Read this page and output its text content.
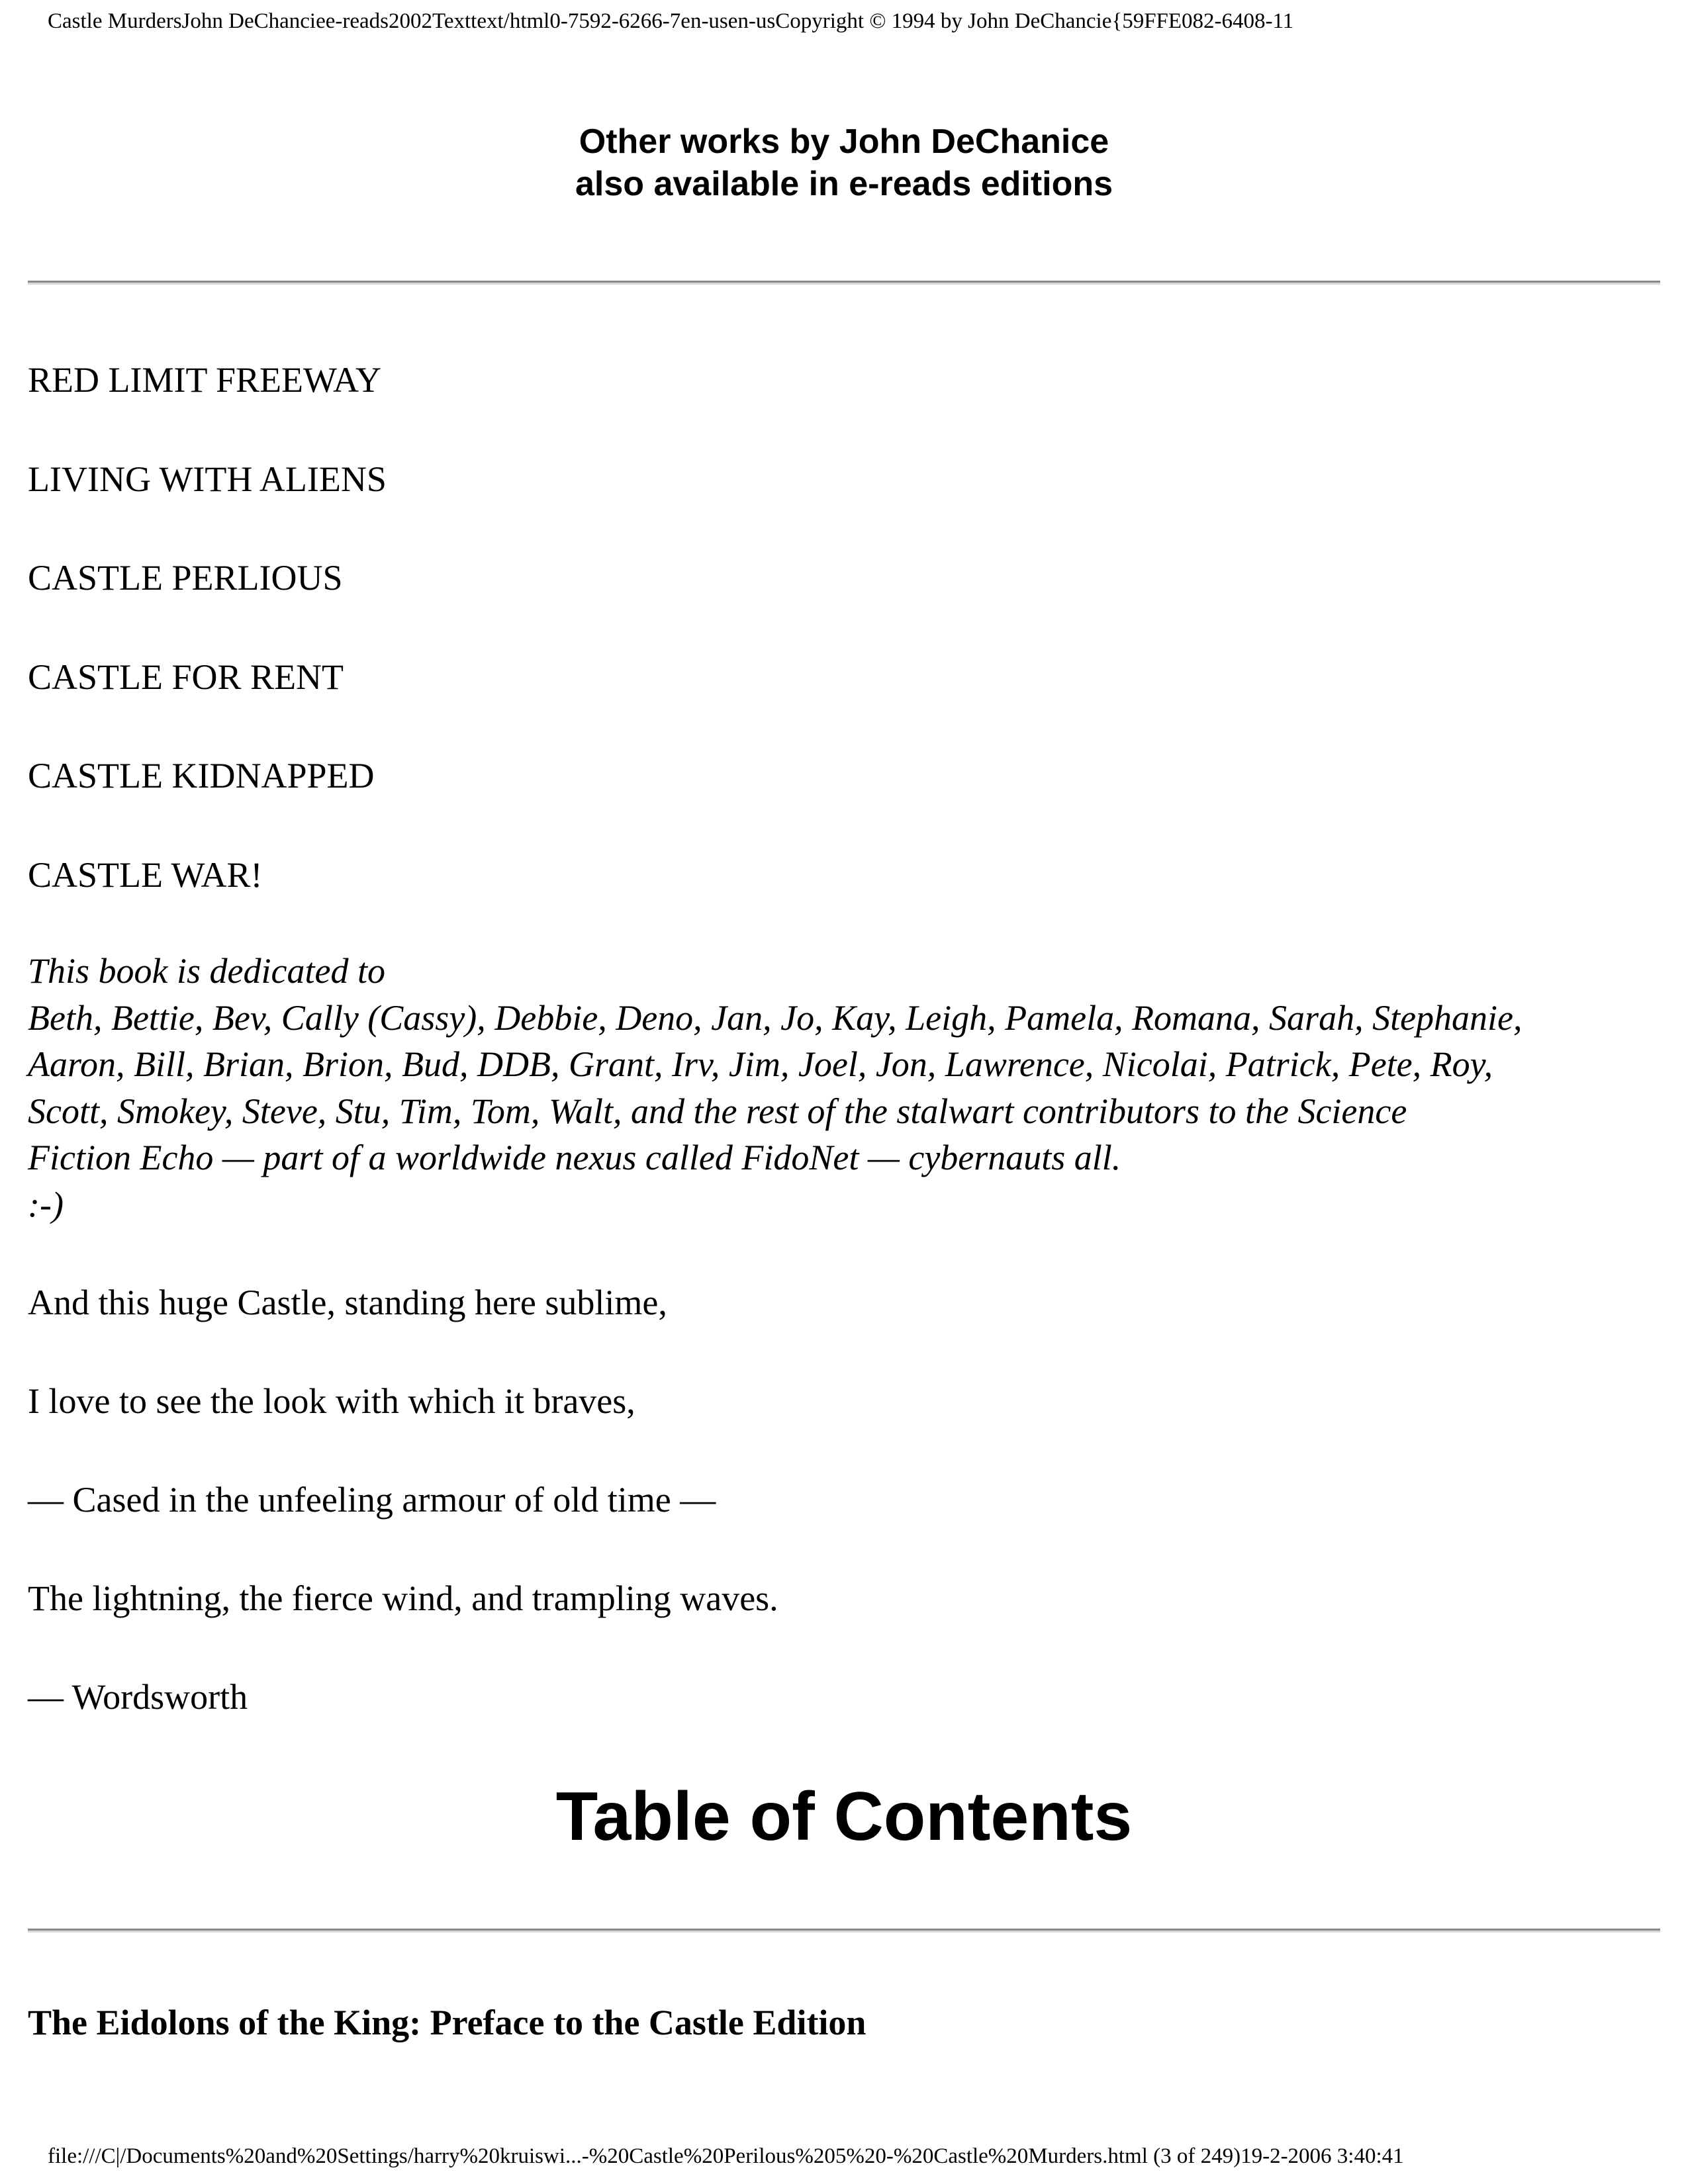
Castle MurdersJohn DeChanciee-reads2002Texttext/html0-7592-6266-7en-usen-usCopyright © 1994 by John DeChancie{59FFE082-6408-11
Other works by John DeChanice
also available in e-reads editions
RED LIMIT FREEWAY
LIVING WITH ALIENS
CASTLE PERLIOUS
CASTLE FOR RENT
CASTLE KIDNAPPED
CASTLE WAR!
This book is dedicated to
Beth, Bettie, Bev, Cally (Cassy), Debbie, Deno, Jan, Jo, Kay, Leigh, Pamela, Romana, Sarah, Stephanie,
Aaron, Bill, Brian, Brion, Bud, DDB, Grant, Irv, Jim, Joel, Jon, Lawrence, Nicolai, Patrick, Pete, Roy,
Scott, Smokey, Steve, Stu, Tim, Tom, Walt, and the rest of the stalwart contributors to the Science
Fiction Echo — part of a worldwide nexus called FidoNet — cybernauts all.
:-)

And this huge Castle, standing here sublime,

I love to see the look with which it braves,

— Cased in the unfeeling armour of old time —

The lightning, the fierce wind, and trampling waves.

— Wordsworth

Table of Contents
The Eidolons of the King: Preface to the Castle Edition
file:///C|/Documents%20and%20Settings/harry%20kruiswi...-%20Castle%20Perilous%205%20-%20Castle%20Murders.html (3 of 249)19-2-2006 3:40:41
